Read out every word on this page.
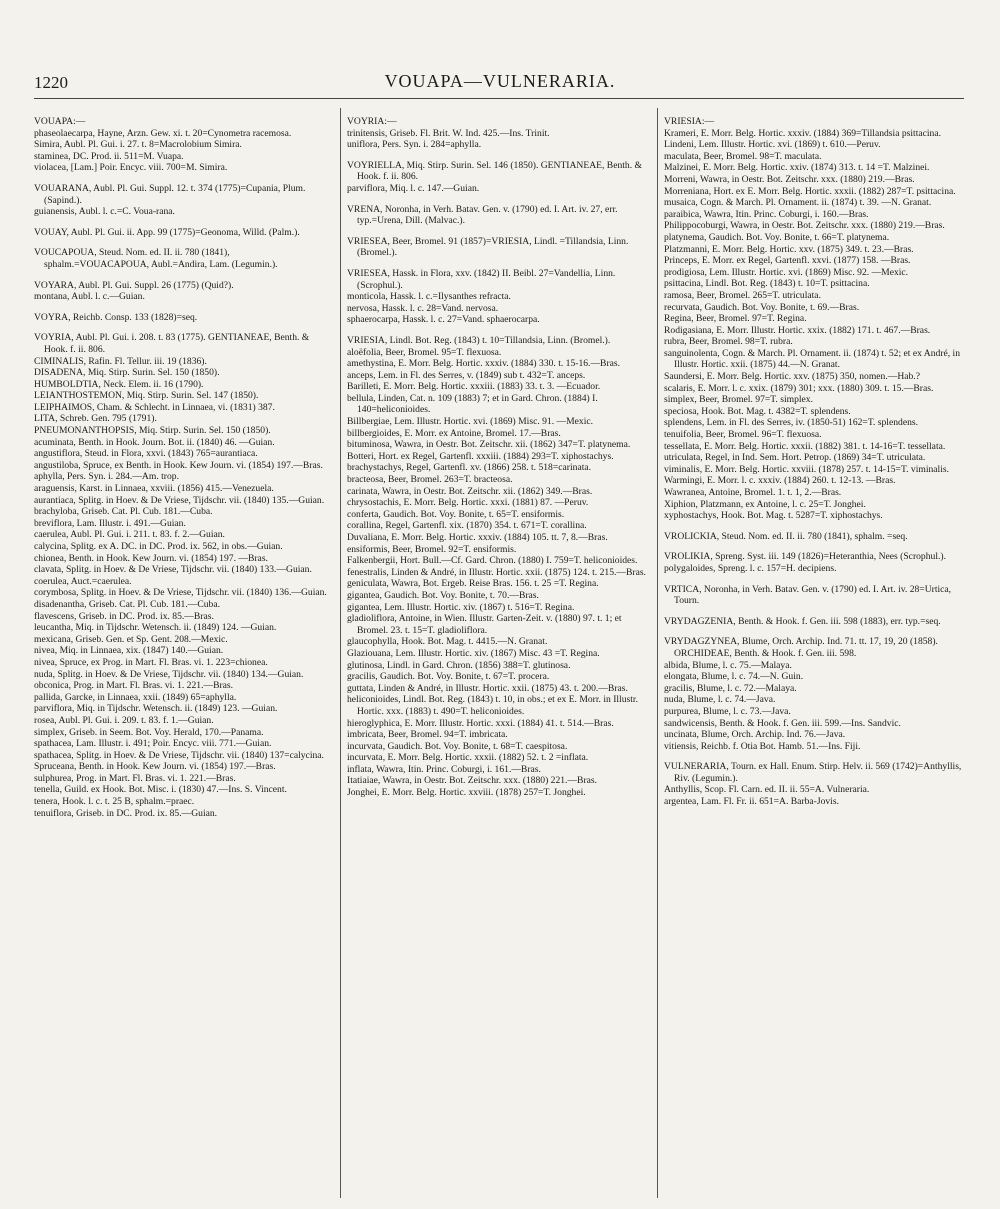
1220	VOUAPA—VULNERARIA.
VOUAPA:—
phaseolaecarpa, Hayne, Arzn. Gew. xi. t. 20=Cynometra racemosa.
Simira, Aubl. Pl. Gui. i. 27. t. 8=Macrolobium Simira.
staminea, DC. Prod. ii. 511=M. Vuapa.
violacea, [Lam.] Poir. Encyc. viii. 700=M. Simira.
VOUARANA, Aubl. Pl. Gui. Suppl. 12. t. 374 (1775)=Cupania, Plum. (Sapind.).
guianensis, Aubl. l. c.=C. Voua-rana.
VOUAY, Aubl. Pl. Gui. ii. App. 99 (1775)=Geonoma, Willd. (Palm.).
VOUCAPOUA, Steud. Nom. ed. II. ii. 780 (1841), sphalm.=VOUACAPOUA, Aubl.=Andira, Lam. (Legumin.).
VOYARA, Aubl. Pl. Gui. Suppl. 26 (1775) (Quid?).
montana, Aubl. l. c.—Guian.
VOYRA, Reichb. Consp. 133 (1828)=seq.
VOYRIA, Aubl. Pl. Gui. i. 208. t. 83 (1775). GENTIANEAE, Benth. & Hook. f. ii. 806.
CIMINALIS, Rafin. Fl. Tellur. iii. 19 (1836).
DISADENA, Miq. Stirp. Surin. Sel. 150 (1850).
HUMBOLDTIA, Neck. Elem. ii. 16 (1790).
LEIANTHOSTEMON, Miq. Stirp. Surin. Sel. 147 (1850).
LEIPHAIMOS, Cham. & Schlecht. in Linnaea, vi. (1831) 387.
LITA, Schreb. Gen. 795 (1791).
PNEUMONANTHOPSIS, Miq. Stirp. Surin. Sel. 150 (1850).
acuminata, Benth. in Hook. Journ. Bot. ii. (1840) 46. —Guian.
angustiflora, Steud. in Flora, xxvi. (1843) 765=aurantiaca.
angustiloba, Spruce, ex Benth. in Hook. Kew Journ. vi. (1854) 197.—Bras.
aphylla, Pers. Syn. i. 284.—Am. trop.
araguensis, Karst. in Linnaea, xxviii. (1856) 415.—Venezuela.
aurantiaca, Splitg. in Hoev. & De Vriese, Tijdschr. vii. (1840) 135.—Guian.
brachyloba, Griseb. Cat. Pl. Cub. 181.—Cuba.
breviflora, Lam. Illustr. i. 491.—Guian.
caerulea, Aubl. Pl. Gui. i. 211. t. 83. f. 2.—Guian.
calycina, Splitg. ex A. DC. in DC. Prod. ix. 562, in obs.—Guian.
chionea, Benth. in Hook. Kew Journ. vi. (1854) 197. —Bras.
clavata, Splitg. in Hoev. & De Vriese, Tijdschr. vii. (1840) 133.—Guian.
coerulea, Auct.=caerulea.
corymbosa, Splitg. in Hoev. & De Vriese, Tijdschr. vii. (1840) 136.—Guian.
disadenantha, Griseb. Cat. Pl. Cub. 181.—Cuba.
flavescens, Griseb. in DC. Prod. ix. 85.—Bras.
leucantha, Miq. in Tijdschr. Wetensch. ii. (1849) 124. —Guian.
mexicana, Griseb. Gen. et Sp. Gent. 208.—Mexic.
nivea, Miq. in Linnaea, xix. (1847) 140.—Guian.
nivea, Spruce, ex Prog. in Mart. Fl. Bras. vi. 1. 223=chionea.
nuda, Splitg. in Hoev. & De Vriese, Tijdschr. vii. (1840) 134.—Guian.
obconica, Prog. in Mart. Fl. Bras. vi. 1. 221.—Bras.
pallida, Garcke, in Linnaea, xxii. (1849) 65=aphylla.
parviflora, Miq. in Tijdschr. Wetensch. ii. (1849) 123. —Guian.
rosea, Aubl. Pl. Gui. i. 209. t. 83. f. 1.—Guian.
simplex, Griseb. in Seem. Bot. Voy. Herald, 170.—Panama.
spathacea, Lam. Illustr. i. 491; Poir. Encyc. viii. 771.—Guian.
spathacea, Splitg. in Hoev. & De Vriese, Tijdschr. vii. (1840) 137=calycina.
Spruceana, Benth. in Hook. Kew Journ. vi. (1854) 197.—Bras.
sulphurea, Prog. in Mart. Fl. Bras. vi. 1. 221.—Bras.
tenella, Guild. ex Hook. Bot. Misc. i. (1830) 47.—Ins. S. Vincent.
tenera, Hook. l. c. t. 25 B, sphalm.=praec.
tenuiflora, Griseb. in DC. Prod. ix. 85.—Guian.
VOYRIA:—
trinitensis, Griseb. Fl. Brit. W. Ind. 425.—Ins. Trinit.
uniflora, Pers. Syn. i. 284=aphylla.
VOYRIELLA, Miq. Stirp. Surin. Sel. 146 (1850). GENTIANEAE, Benth. & Hook. f. ii. 806.
parviflora, Miq. l. c. 147.—Guian.
VRENA, Noronha, in Verh. Batav. Gen. v. (1790) ed. I. Art. iv. 27, err. typ.=Urena, Dill. (Malvac.).
VRIESEA, Beer, Bromel. 91 (1857)=VRIESIA, Lindl. =Tillandsia, Linn. (Bromel.).
VRIESEA, Hassk. in Flora, xxv. (1842) II. Beibl. 27=Vandellia, Linn. (Scrophul.).
monticola, Hassk. l. c.=Ilysanthes refracta.
nervosa, Hassk. l. c. 28=Vand. nervosa.
sphaerocarpa, Hassk. l. c. 27=Vand. sphaerocarpa.
VRIESIA, Lindl. Bot. Reg. (1843) t. 10=Tillandsia, Linn. (Bromel.).
aloëfolia, Beer, Bromel. 95=T. flexuosa.
amethystina, E. Morr. Belg. Hortic. xxxiv. (1884) 330. t. 15-16.—Bras.
anceps, Lem. in Fl. des Serres, v. (1849) sub t. 432=T. anceps.
Barilleti, E. Morr. Belg. Hortic. xxxiii. (1883) 33. t. 3. —Ecuador.
bellula, Linden, Cat. n. 109 (1883) 7; et in Gard. Chron. (1884) I. 140=heliconioides.
Billbergiae, Lem. Illustr. Hortic. xvi. (1869) Misc. 91. —Mexic.
billbergioides, E. Morr. ex Antoine, Bromel. 17.—Bras.
bituminosa, Wawra, in Oestr. Bot. Zeitschr. xii. (1862) 347=T. platynema.
Botteri, Hort. ex Regel, Gartenfl. xxxiii. (1884) 293=T. xiphostachys.
brachystachys, Regel, Gartenfl. xv. (1866) 258. t. 518=carinata.
bracteosa, Beer, Bromel. 263=T. bracteosa.
carinata, Wawra, in Oestr. Bot. Zeitschr. xii. (1862) 349.—Bras.
chrysostachis, E. Morr. Belg. Hortic. xxxi. (1881) 87. —Peruv.
conferta, Gaudich. Bot. Voy. Bonite, t. 65=T. ensiformis.
corallina, Regel, Gartenfl. xix. (1870) 354. t. 671=T. corallina.
Duvaliana, E. Morr. Belg. Hortic. xxxiv. (1884) 105. tt. 7, 8.—Bras.
ensiformis, Beer, Bromel. 92=T. ensiformis.
Falkenbergii, Hort. Bull.—Cf. Gard. Chron. (1880) I. 759=T. heliconioides.
fenestralis, Linden & André, in Illustr. Hortic. xxii. (1875) 124. t. 215.—Bras.
geniculata, Wawra, Bot. Ergeb. Reise Bras. 156. t. 25 =T. Regina.
gigantea, Gaudich. Bot. Voy. Bonite, t. 70.—Bras.
gigantea, Lem. Illustr. Hortic. xiv. (1867) t. 516=T. Regina.
gladioliflora, Antoine, in Wien. Illustr. Garten-Zeit. v. (1880) 97. t. 1; et Bromel. 23. t. 15=T. gladioliflora.
glaucophylla, Hook. Bot. Mag. t. 4415.—N. Granat.
Glaziouana, Lem. Illustr. Hortic. xiv. (1867) Misc. 43 =T. Regina.
glutinosa, Lindl. in Gard. Chron. (1856) 388=T. glutinosa.
gracilis, Gaudich. Bot. Voy. Bonite, t. 67=T. procera.
guttata, Linden & André, in Illustr. Hortic. xxii. (1875) 43. t. 200.—Bras.
heliconioides, Lindl. Bot. Reg. (1843) t. 10, in obs.; et ex E. Morr. in Illustr. Hortic. xxx. (1883) t. 490=T. heliconioides.
hieroglyphica, E. Morr. Illustr. Hortic. xxxi. (1884) 41. t. 514.—Bras.
imbricata, Beer, Bromel. 94=T. imbricata.
incurvata, Gaudich. Bot. Voy. Bonite, t. 68=T. caespitosa.
incurvata, E. Morr. Belg. Hortic. xxxii. (1882) 52. t. 2 =inflata.
inflata, Wawra, Itin. Princ. Coburgi, i. 161.—Bras.
Itatiaiae, Wawra, in Oestr. Bot. Zeitschr. xxx. (1880) 221.—Bras.
Jonghei, E. Morr. Belg. Hortic. xxviii. (1878) 257=T. Jonghei.
VRIESIA:—
Krameri, E. Morr. Belg. Hortic. xxxiv. (1884) 369=Tillandsia psittacina.
Lindeni, Lem. Illustr. Hortic. xvi. (1869) t. 610.—Peruv.
maculata, Beer, Bromel. 98=T. maculata.
Malzinei, E. Morr. Belg. Hortic. xxiv. (1874) 313. t. 14 =T. Malzinei.
Morreni, Wawra, in Oestr. Bot. Zeitschr. xxx. (1880) 219.—Bras.
Morreniana, Hort. ex E. Morr. Belg. Hortic. xxxii. (1882) 287=T. psittacina.
musaica, Cogn. & March. Pl. Ornament. ii. (1874) t. 39. —N. Granat.
paraibica, Wawra, Itin. Princ. Coburgi, i. 160.—Bras.
Philippocoburgi, Wawra, in Oestr. Bot. Zeitschr. xxx. (1880) 219.—Bras.
platynema, Gaudich. Bot. Voy. Bonite, t. 66=T. platynema.
Platzmanni, E. Morr. Belg. Hortic. xxv. (1875) 349. t. 23.—Bras.
Princeps, E. Morr. ex Regel, Gartenfl. xxvi. (1877) 158. —Bras.
prodigiosa, Lem. Illustr. Hortic. xvi. (1869) Misc. 92. —Mexic.
psittacina, Lindl. Bot. Reg. (1843) t. 10=T. psittacina.
ramosa, Beer, Bromel. 265=T. utriculata.
recurvata, Gaudich. Bot. Voy. Bonite, t. 69.—Bras.
Regina, Beer, Bromel. 97=T. Regina.
Rodigasiana, E. Morr. Illustr. Hortic. xxix. (1882) 171. t. 467.—Bras.
rubra, Beer, Bromel. 98=T. rubra.
sanguinolenta, Cogn. & March. Pl. Ornament. ii. (1874) t. 52; et ex André, in Illustr. Hortic. xxii. (1875) 44.—N. Granat.
Saundersi, E. Morr. Belg. Hortic. xxv. (1875) 350, nomen.—Hab.?
scalaris, E. Morr. l. c. xxix. (1879) 301; xxx. (1880) 309. t. 15.—Bras.
simplex, Beer, Bromel. 97=T. simplex.
speciosa, Hook. Bot. Mag. t. 4382=T. splendens.
splendens, Lem. in Fl. des Serres, iv. (1850-51) 162=T. splendens.
tenuifolia, Beer, Bromel. 96=T. flexuosa.
tessellata, E. Morr. Belg. Hortic. xxxii. (1882) 381. t. 14-16=T. tessellata.
utriculata, Regel, in Ind. Sem. Hort. Petrop. (1869) 34=T. utriculata.
viminalis, E. Morr. Belg. Hortic. xxviii. (1878) 257. t. 14-15=T. viminalis.
Warmingi, E. Morr. l. c. xxxiv. (1884) 260. t. 12-13. —Bras.
Wawranea, Antoine, Bromel. 1. t. 1, 2.—Bras.
Xiphion, Platzmann, ex Antoine, l. c. 25=T. Jonghei.
xyphostachys, Hook. Bot. Mag. t. 5287=T. xiphostachys.
VROLICKIA, Steud. Nom. ed. II. ii. 780 (1841), sphalm. =seq.
VROLIKIA, Spreng. Syst. iii. 149 (1826)=Heteranthia, Nees (Scrophul.).
polygaloides, Spreng. l. c. 157=H. decipiens.
VRTICA, Noronha, in Verh. Batav. Gen. v. (1790) ed. I. Art. iv. 28=Urtica, Tourn.
VRYDAGZENIA, Benth. & Hook. f. Gen. iii. 598 (1883), err. typ.=seq.
VRYDAGZYNEA, Blume, Orch. Archip. Ind. 71. tt. 17, 19, 20 (1858). ORCHIDEAE, Benth. & Hook. f. Gen. iii. 598.
albida, Blume, l. c. 75.—Malaya.
elongata, Blume, l. c. 74.—N. Guin.
gracilis, Blume, l. c. 72.—Malaya.
nuda, Blume, l. c. 74.—Java.
purpurea, Blume, l. c. 73.—Java.
sandwicensis, Benth. & Hook. f. Gen. iii. 599.—Ins. Sandvic.
uncinata, Blume, Orch. Archip. Ind. 76.—Java.
vitiensis, Reichb. f. Otia Bot. Hamb. 51.—Ins. Fiji.
VULNERARIA, Tourn. ex Hall. Enum. Stirp. Helv. ii. 569 (1742)=Anthyllis, Riv. (Legumin.).
Anthyllis, Scop. Fl. Carn. ed. II. ii. 55=A. Vulneraria.
argentea, Lam. Fl. Fr. ii. 651=A. Barba-Jovis.
